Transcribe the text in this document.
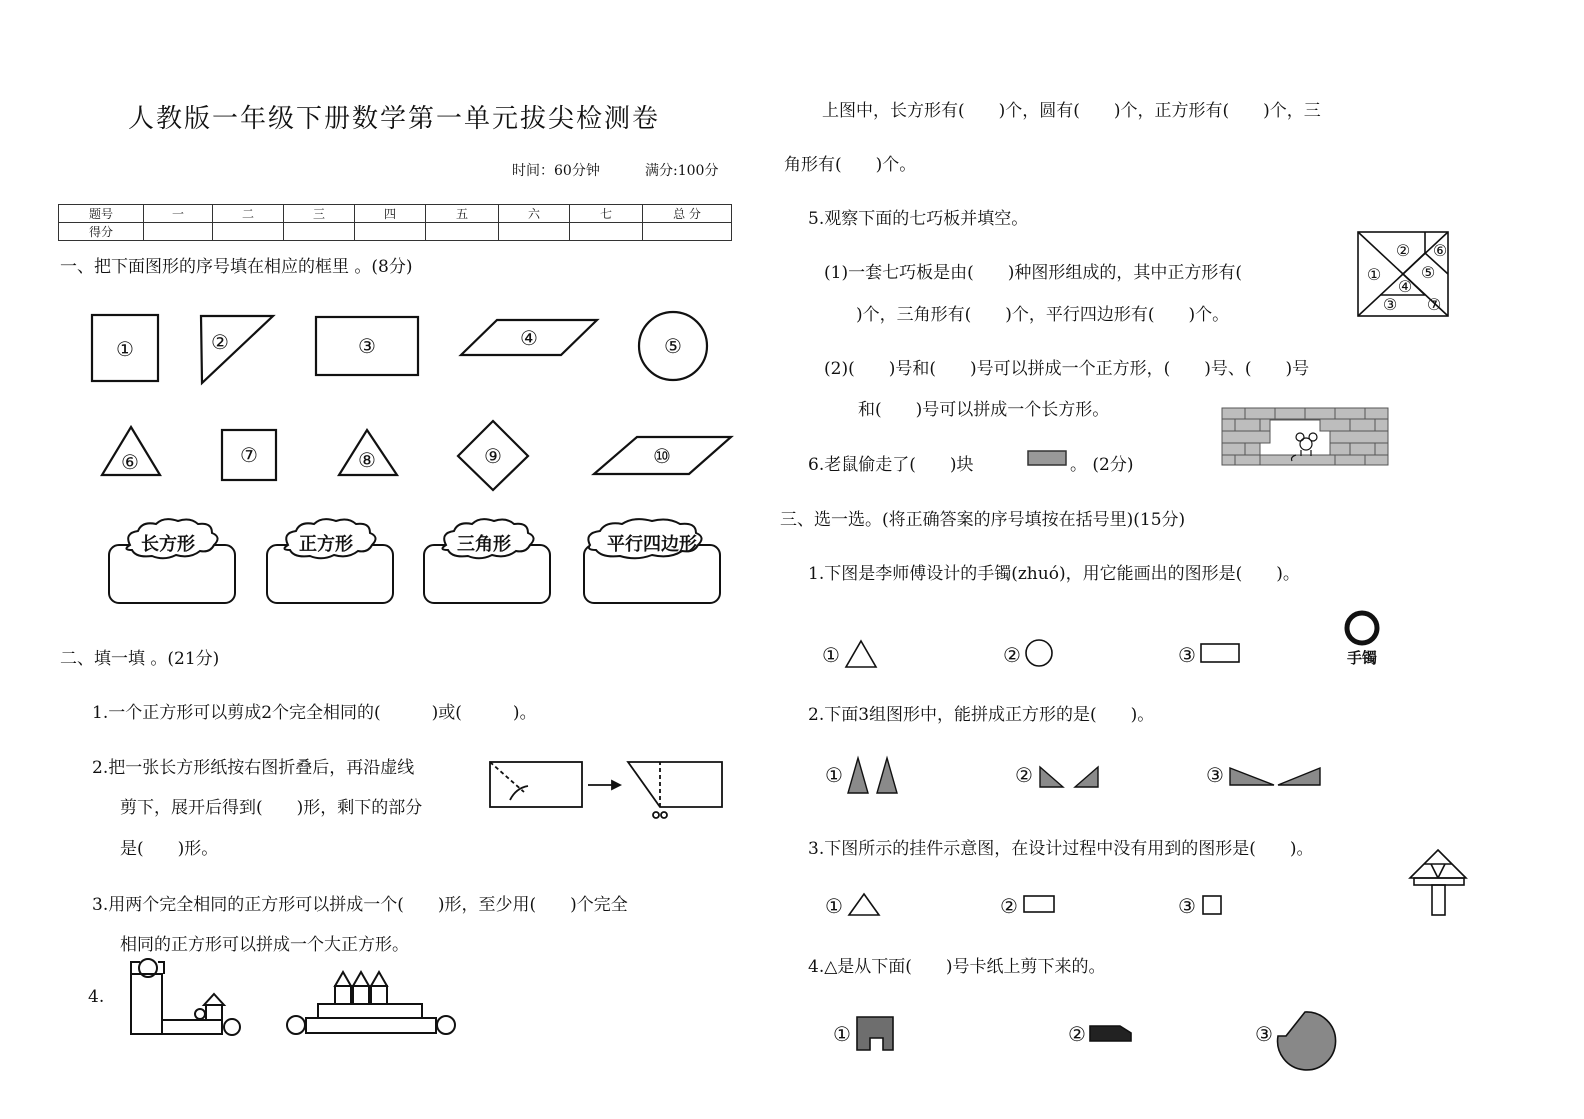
人教版一年级下册数学第一单元拔尖检测卷
时间：60分钟	满分:100分
题号	一	二	三	四	五	六	七	总 分
得分								
一、把下面图形的序号填在相应的框里 。(8分)
①	②	③	④	⑤
⑥	⑦	⑧	⑨	⑩
长方形	正方形	三角形	平行四边形
二、填一填 。(21分)
1.一个正方形可以剪成2个完全相同的(　　　)或(　　　)。
2.把一张长方形纸按右图折叠后，再沿虚线
剪下，展开后得到(　　)形，剩下的部分
是(　　)形。
3.用两个完全相同的正方形可以拼成一个(　　)形，至少用(　　)个完全
相同的正方形可以拼成一个大正方形。
4.
上图中，长方形有(　　)个，圆有(　　)个，正方形有(　　)个，三
角形有(　　)个。
5.观察下面的七巧板并填空。
(1)一套七巧板是由(　　)种图形组成的，其中正方形有(
)个，三角形有(　　)个，平行四边形有(　　)个。
(2)(　　)号和(　　)号可以拼成一个正方形，(　　)号、(　　)号
和(　　)号可以拼成一个长方形。
①
②
③
④
⑤
⑥
⑦
6.老鼠偷走了(　　)块	。 (2分)
三、选一选。(将正确答案的序号填按在括号里)(15分)
1.下图是李师傅设计的手镯(zhuó)，用它能画出的图形是(　　)。
①	②	③	手镯
2.下面3组图形中，能拼成正方形的是(　　)。
①	②	③
3.下图所示的挂件示意图，在设计过程中没有用到的图形是(　　)。
①	②	③
4.△是从下面(　　)号卡纸上剪下来的。
①	②	③
